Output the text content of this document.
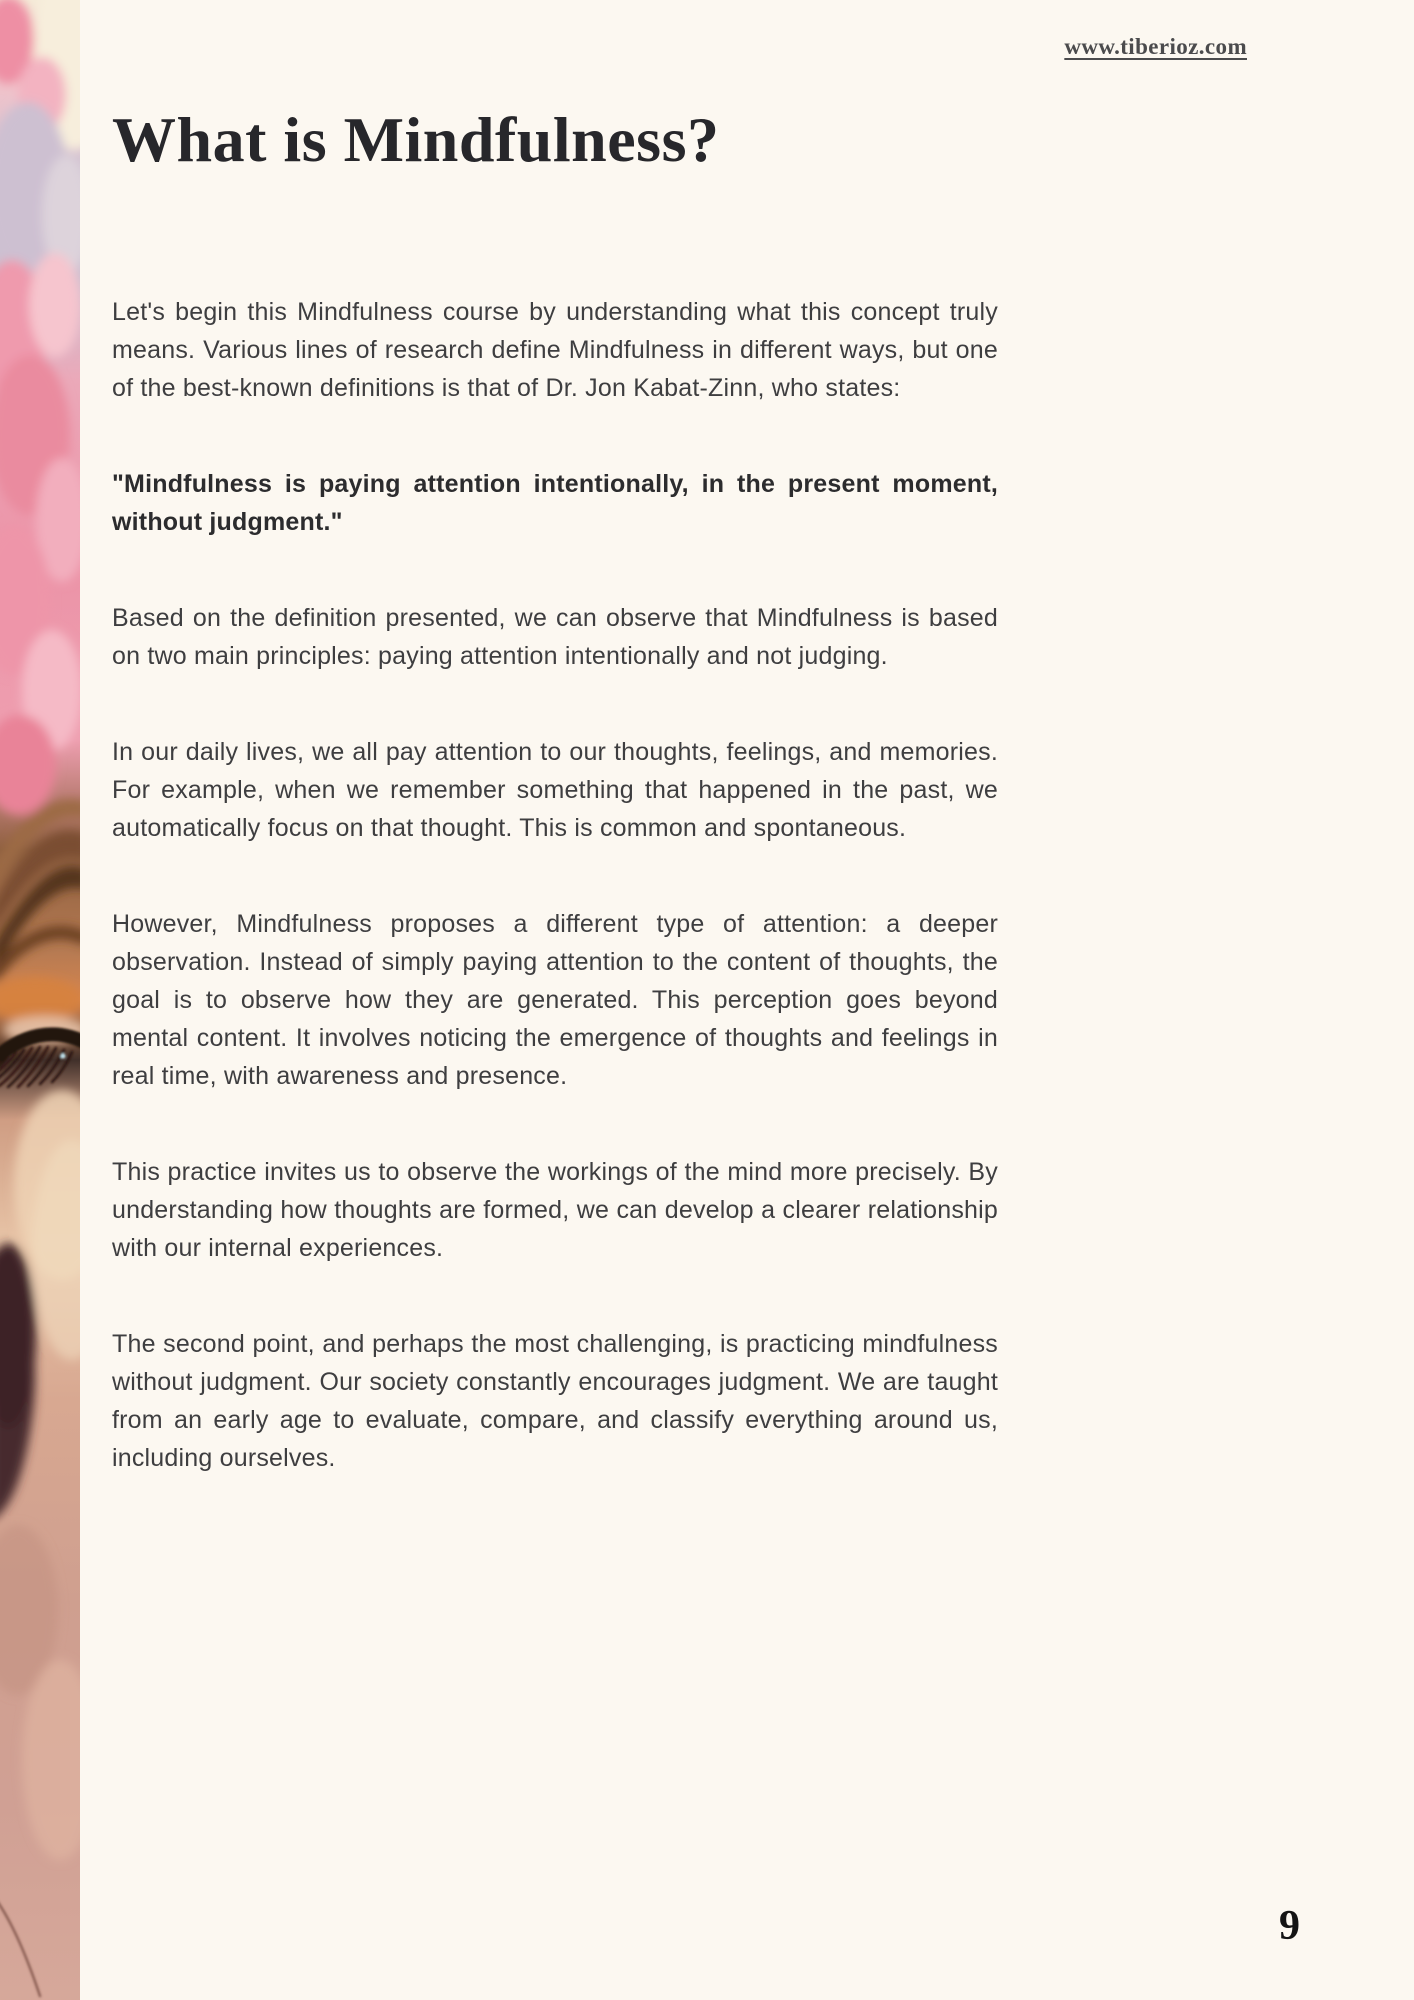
www.tiberioz.com
What is Mindfulness?

Let's begin this Mindfulness course by understanding what this concept truly means. Various lines of research define Mindfulness in different ways, but one of the best-known definitions is that of Dr. Jon Kabat-Zinn, who states:

"Mindfulness is paying attention intentionally, in the present moment, without judgment."

Based on the definition presented, we can observe that Mindfulness is based on two main principles: paying attention intentionally and not judging.

In our daily lives, we all pay attention to our thoughts, feelings, and memories. For example, when we remember something that happened in the past, we automatically focus on that thought. This is common and spontaneous.

However, Mindfulness proposes a different type of attention: a deeper observation. Instead of simply paying attention to the content of thoughts, the goal is to observe how they are generated. This perception goes beyond mental content. It involves noticing the emergence of thoughts and feelings in real time, with awareness and presence.

This practice invites us to observe the workings of the mind more precisely. By understanding how thoughts are formed, we can develop a clearer relationship with our internal experiences.

The second point, and perhaps the most challenging, is practicing mindfulness without judgment. Our society constantly encourages judgment. We are taught from an early age to evaluate, compare, and classify everything around us, including ourselves.

9
